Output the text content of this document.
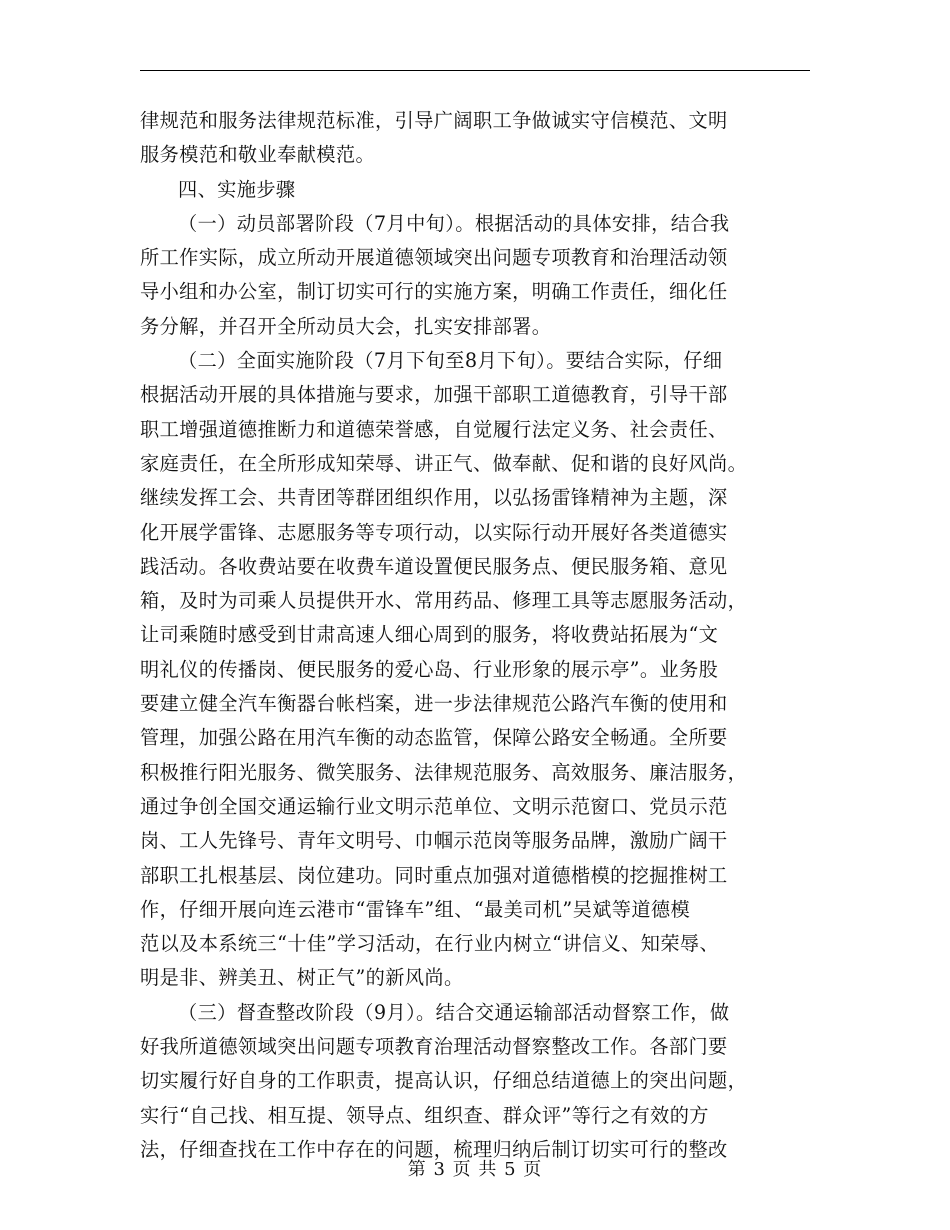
律规范和服务法律规范标准，引导广阔职工争做诚实守信模范、文明
服务模范和敬业奉献模范。
四、实施步骤
（一）动员部署阶段（7月中旬）。根据活动的具体安排，结合我
所工作实际，成立所动开展道德领域突出问题专项教育和治理活动领
导小组和办公室，制订切实可行的实施方案，明确工作责任，细化任
务分解，并召开全所动员大会，扎实安排部署。
（二）全面实施阶段（7月下旬至8月下旬）。要结合实际，仔细
根据活动开展的具体措施与要求，加强干部职工道德教育，引导干部
职工增强道德推断力和道德荣誉感，自觉履行法定义务、社会责任、
家庭责任，在全所形成知荣辱、讲正气、做奉献、促和谐的良好风尚。
继续发挥工会、共青团等群团组织作用，以弘扬雷锋精神为主题，深
化开展学雷锋、志愿服务等专项行动，以实际行动开展好各类道德实
践活动。各收费站要在收费车道设置便民服务点、便民服务箱、意见
箱，及时为司乘人员提供开水、常用药品、修理工具等志愿服务活动，
让司乘随时感受到甘肃高速人细心周到的服务，将收费站拓展为“文
明礼仪的传播岗、便民服务的爱心岛、行业形象的展示亭”。业务股
要建立健全汽车衡器台帐档案，进一步法律规范公路汽车衡的使用和
管理，加强公路在用汽车衡的动态监管，保障公路安全畅通。全所要
积极推行阳光服务、微笑服务、法律规范服务、高效服务、廉洁服务，
通过争创全国交通运输行业文明示范单位、文明示范窗口、党员示范
岗、工人先锋号、青年文明号、巾帼示范岗等服务品牌，激励广阔干
部职工扎根基层、岗位建功。同时重点加强对道德楷模的挖掘推树工
作，仔细开展向连云港市“雷锋车”组、“最美司机”吴斌等道德模
范以及本系统三“十佳”学习活动，在行业内树立“讲信义、知荣辱、
明是非、辨美丑、树正气”的新风尚。
（三）督查整改阶段（9月）。结合交通运输部活动督察工作，做
好我所道德领域突出问题专项教育治理活动督察整改工作。各部门要
切实履行好自身的工作职责，提高认识，仔细总结道德上的突出问题，
实行“自己找、相互提、领导点、组织查、群众评”等行之有效的方
法，仔细查找在工作中存在的问题，梳理归纳后制订切实可行的整改
第 3 页 共 5 页
